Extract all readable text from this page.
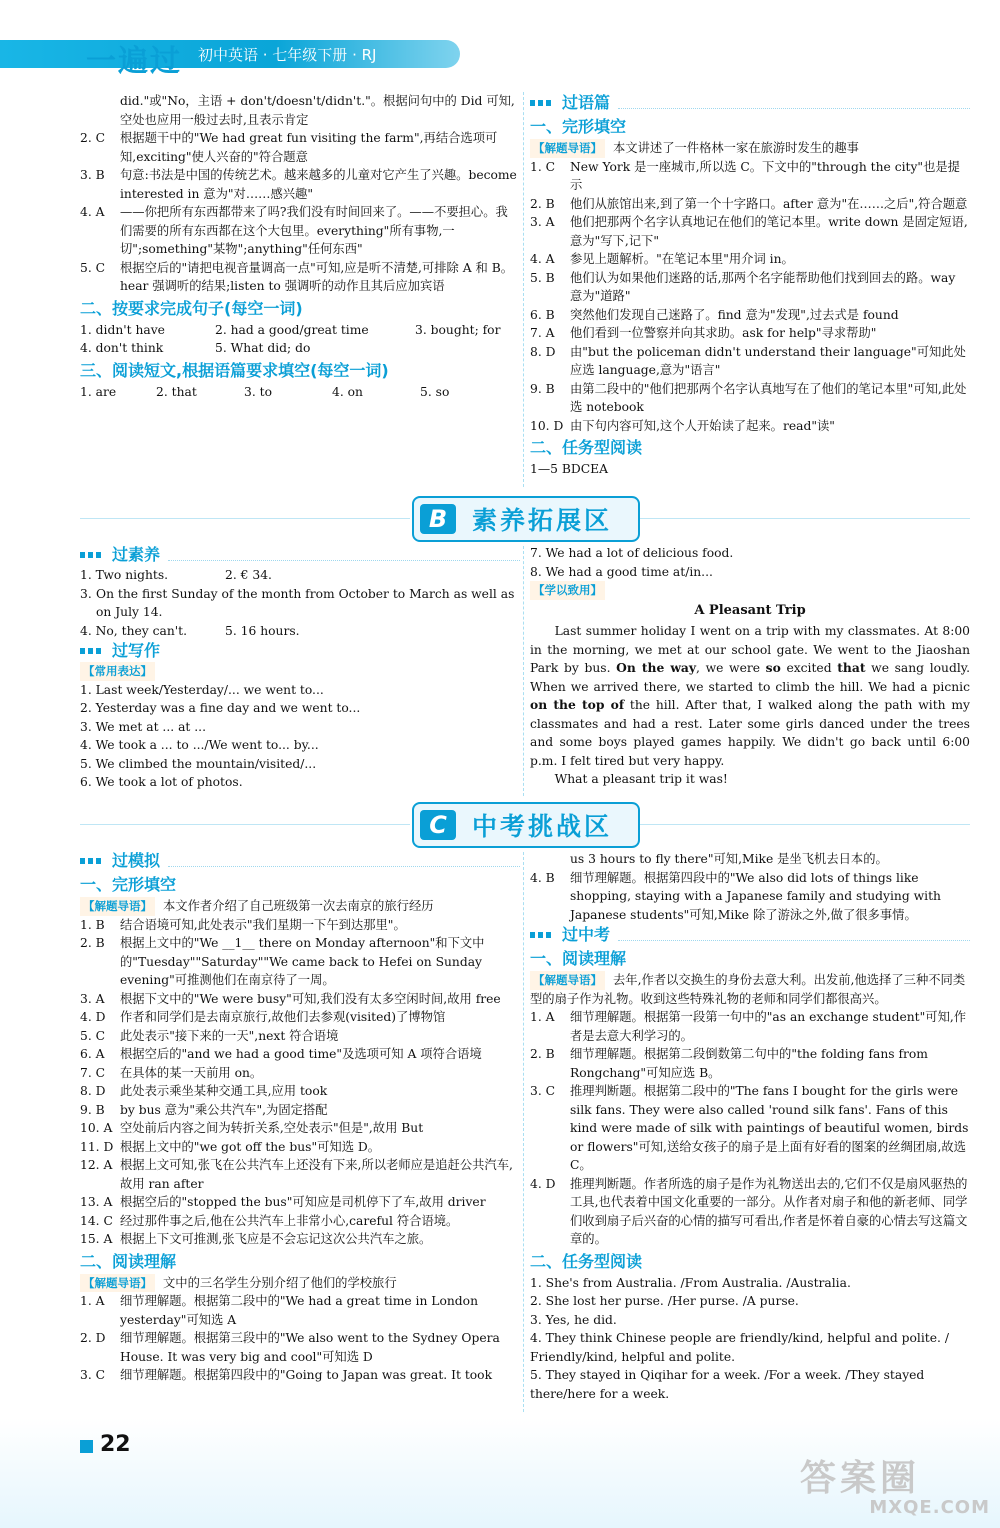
一遍过 初中英语 · 七年级下册 · RJ
did."或"No，主语 + don't/doesn't/didn't."。根据问句中的 Did 可知,空处也应用一般过去时,且表示肯定
2. C	根据题干中的"We had great fun visiting the farm",再结合选项可知,exciting"使人兴奋的"符合题意
3. B	句意:书法是中国的传统艺术。越来越多的儿童对它产生了兴趣。become interested in 意为"对……感兴趣"
4. A	——你把所有东西都带来了吗?我们没有时间回来了。——不要担心。我们需要的所有东西都在这个大包里。everything"所有事物,一切";something"某物";anything"任何东西"
5. C	根据空后的"请把电视音量调高一点"可知,应是听不清楚,可排除 A 和 B。hear 强调听的结果;listen to 强调听的动作且其后应加宾语
二、按要求完成句子(每空一词)
1. didn't have	2. had a good/great time	3. bought; for
4. don't think	5. What did; do
三、阅读短文,根据语篇要求填空(每空一词)
1. are	2. that	3. to	4. on	5. so
过语篇
一、完形填空
【解题导语】 本文讲述了一件格林一家在旅游时发生的趣事
1. C	New York 是一座城市,所以选 C。下文中的"through the city"也是提示
2. B	他们从旅馆出来,到了第一个十字路口。after 意为"在……之后",符合题意
3. A	他们把那两个名字认真地记在他们的笔记本里。write down 是固定短语,意为"写下,记下"
4. A	参见上题解析。"在笔记本里"用介词 in。
5. B	他们认为如果他们迷路的话,那两个名字能帮助他们找到回去的路。way 意为"道路"
6. B	突然他们发现自己迷路了。find 意为"发现",过去式是 found
7. A	他们看到一位警察并向其求助。ask for help"寻求帮助"
8. D	由"but the policeman didn't understand their language"可知此处应选 language,意为"语言"
9. B	由第二段中的"他们把那两个名字认真地写在了他们的笔记本里"可知,此处选 notebook
10. D 由下句内容可知,这个人开始读了起来。read"读"
二、任务型阅读
1—5 BDCEA
B 素养拓展区
过素养
1. Two nights.	2. € 34.
3. On the first Sunday of the month from October to March as well as on July 14.
4. No, they can't.	5. 16 hours.
过写作
【常用表达】
1. Last week/Yesterday/... we went to...
2. Yesterday was a fine day and we went to...
3. We met at ... at ...
4. We took a ... to .../We went to... by...
5. We climbed the mountain/visited/...
6. We took a lot of photos.
7. We had a lot of delicious food.
8. We had a good time at/in...
【学以致用】
A Pleasant Trip
Last summer holiday I went on a trip with my classmates. At 8:00 in the morning, we met at our school gate. We went to the Jiaoshan Park by bus. On the way, we were so excited that we sang loudly. When we arrived there, we started to climb the hill. We had a picnic on the top of the hill. After that, I walked along the path with my classmates and had a rest. Later some girls danced under the trees and some boys played games happily. We didn't go back until 6:00 p.m. I felt tired but very happy.
What a pleasant trip it was!
C	中考挑战区
过模拟
一、完形填空
【解题导语】 本文作者介绍了自己班级第一次去南京的旅行经历
1. B	结合语境可知,此处表示"我们星期一下午到达那里"。
2. B	根据上文中的"We __1__ there on Monday afternoon"和下文中的"Tuesday""Saturday""We came back to Hefei on Sunday evening"可推测他们在南京待了一周。
3. A	根据下文中的"We were busy"可知,我们没有太多空闲时间,故用 free
4. D	作者和同学们是去南京旅行,故他们去参观(visited)了博物馆
5. C	此处表示"接下来的一天",next 符合语境
6. A	根据空后的"and we had a good time"及选项可知 A 项符合语境
7. C	在具体的某一天前用 on。
8. D	此处表示乘坐某种交通工具,应用 took
9. B	by bus 意为"乘公共汽车",为固定搭配
10. A 空处前后内容之间为转折关系,空处表示"但是",故用 But
11. D 根据上文中的"we got off the bus"可知选 D。
12. A 根据上文可知,张飞在公共汽车上还没有下来,所以老师应是追赶公共汽车,故用 ran after
13. A 根据空后的"stopped the bus"可知应是司机停下了车,故用 driver
14. C 经过那件事之后,他在公共汽车上非常小心,careful 符合语境。
15. A 根据上下文可推测,张飞应是不会忘记这次公共汽车之旅。
二、阅读理解
【解题导语】 文中的三名学生分别介绍了他们的学校旅行
1. A	细节理解题。根据第二段中的"We had a great time in London yesterday"可知选 A
2. D	细节理解题。根据第三段中的"We also went to the Sydney Opera House. It was very big and cool"可知选 D
3. C	细节理解题。根据第四段中的"Going to Japan was great. It took
us 3 hours to fly there"可知,Mike 是坐飞机去日本的。
4. B	细节理解题。根据第四段中的"We also did lots of things like shopping, staying with a Japanese family and studying with Japanese students"可知,Mike 除了游泳之外,做了很多事情。
过中考
一、阅读理解
【解题导语】 去年,作者以交换生的身份去意大利。出发前,他选择了三种不同类型的扇子作为礼物。收到这些特殊礼物的老师和同学们都很高兴。
1. A	细节理解题。根据第一段第一句中的"as an exchange student"可知,作者是去意大利学习的。
2. B	细节理解题。根据第二段倒数第二句中的"the folding fans from Rongchang"可知应选 B。
3. C	推理判断题。根据第二段中的"The fans I bought for the girls were silk fans. They were also called 'round silk fans'. Fans of this kind were made of silk with paintings of beautiful women, birds or flowers"可知,送给女孩子的扇子是上面有好看的图案的丝绸团扇,故选 C。
4. D	推理判断题。作者所选的扇子是作为礼物送出去的,它们不仅是扇风驱热的工具,也代表着中国文化重要的一部分。从作者对扇子和他的新老师、同学们收到扇子后兴奋的心情的描写可看出,作者是怀着自豪的心情去写这篇文章的。
二、任务型阅读
1. She's from Australia. /From Australia. /Australia.
2. She lost her purse. /Her purse. /A purse.
3. Yes, he did.
4. They think Chinese people are friendly/kind, helpful and polite. / Friendly/kind, helpful and polite.
5. They stayed in Qiqihar for a week. /For a week. /They stayed there/here for a week.
22
答案圈
MXQE.COM
